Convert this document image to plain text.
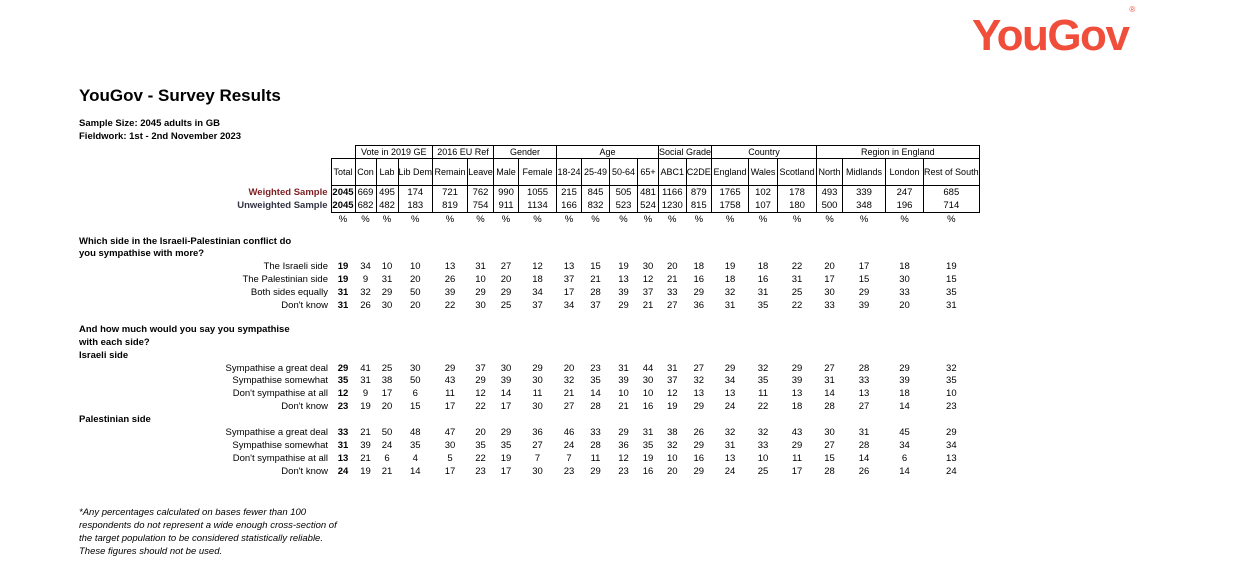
YouGov®
YouGov - Survey Results
Sample Size: 2045 adults in GB
Fieldwork: 1st - 2nd November 2023
		Vote in 2019 GE			2016 EU Ref		Gender		Age				Social Grade		Country			Region in England			
	Total	Con	Lab	Lib Dem	Remain	Leave	Male	Female	18-24	25-49	50-64	65+	ABC1	C2DE	England	Wales	Scotland	North	Midlands	London	Rest of South
Weighted Sample	2045	669	495	174	721	762	990	1055	215	845	505	481	1166	879	1765	102	178	493	339	247	685
Unweighted Sample	2045	682	482	183	819	754	911	1134	166	832	523	524	1230	815	1758	107	180	500	348	196	714
	%	%	%	%	%	%	%	%	%	%	%	%	%	%	%	%	%	%	%	%	%

Which side in the Israeli-Palestinian conflict do																					
you sympathise with more?																					
The Israeli side	19	34	10	10	13	31	27	12	13	15	19	30	20	18	19	18	22	20	17	18	19
The Palestinian side	19	9	31	20	26	10	20	18	37	21	13	12	21	16	18	16	31	17	15	30	15
Both sides equally	31	32	29	50	39	29	29	34	17	28	39	37	33	29	32	31	25	30	29	33	35
Don't know	31	26	30	20	22	30	25	37	34	37	29	21	27	36	31	35	22	33	39	20	31

And how much would you say you sympathise																					
with each side?																					
Israeli side																					
Sympathise a great deal	29	41	25	30	29	37	30	29	20	23	31	44	31	27	29	32	29	27	28	29	32
Sympathise somewhat	35	31	38	50	43	29	39	30	32	35	39	30	37	32	34	35	39	31	33	39	35
Don't sympathise at all	12	9	17	6	11	12	14	11	21	14	10	10	12	13	13	11	13	14	13	18	10
Don't know	23	19	20	15	17	22	17	30	27	28	21	16	19	29	24	22	18	28	27	14	23
Palestinian side																					
Sympathise a great deal	33	21	50	48	47	20	29	36	46	33	29	31	38	26	32	32	43	30	31	45	29
Sympathise somewhat	31	39	24	35	30	35	35	27	24	28	36	35	32	29	31	33	29	27	28	34	34
Don't sympathise at all	13	21	6	4	5	22	19	7	7	11	12	19	10	16	13	10	11	15	14	6	13
Don't know	24	19	21	14	17	23	17	30	23	29	23	16	20	29	24	25	17	28	26	14	24
*Any percentages calculated on bases fewer than 100 respondents do not represent a wide enough cross-section of the target population to be considered statistically reliable. These figures should not be used.
